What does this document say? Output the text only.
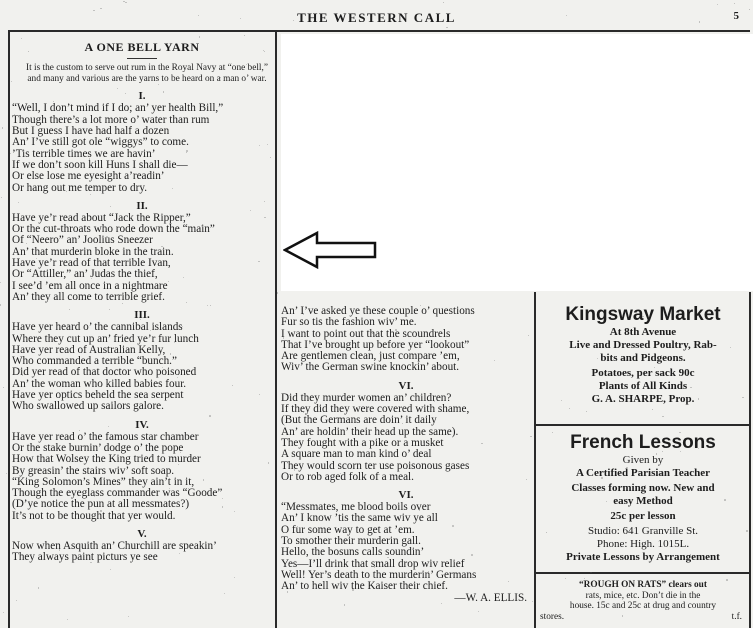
THE WESTERN CALL	5
A ONE BELL YARN
It is the custom to serve out rum in the Royal Navy at “one bell,” and many and various are the yarns to be heard on a man o’ war.
I.
“Well, I don’t mind if I do; an’ yer health Bill,”
Though there’s a lot more o’ water than rum
But I guess I have had half a dozen
An’ I’ve still got ole “wiggys” to come.
’Tis terrible times we are havin’
If we don’t soon kill Huns I shall die—
Or else lose me eyesight a’readin’
Or hang out me temper to dry.
II.
Have ye’r read about “Jack the Ripper,”
Or the cut-throats who rode down the “main”
Of “Neero” an’ Joolius Sneezer
An’ that murderin bloke in the train.
Have ye’r read of that terrible Ivan,
Or “Attiller,” an’ Judas the thief,
I see’d ’em all once in a nightmare
An’ they all come to terrible grief.
III.
Have yer heard o’ the cannibal islands
Where they cut up an’ fried ye’r fur lunch
Have yer read of Australian Kelly,
Who commanded a terrible “bunch.”
Did yer read of that doctor who poisoned
An’ the woman who killed babies four.
Have yer optics beheld the sea serpent
Who swallowed up sailors galore.
IV.
Have yer read o’ the famous star chamber
Or the stake burnin’ dodge o’ the pope
How that Wolsey the King tried to murder
By greasin’ the stairs wiv’ soft soap.
“King Solomon’s Mines” they ain’t in it,
Though the eyeglass commander was “Goode”
(D’ye notice the pun at all messmates?)
It’s not to be thought that yer would.
V.
Now when Asquith an’ Churchill are speakin’
They always paint picturs ye see
An’ I’ve asked ye these couple o’ questions
Fur so tis the fashion wiv’ me.
I want to point out that the scoundrels
That I’ve brought up before yer “lookout”
Are gentlemen clean, just compare ’em,
Wiv’ the German swine knockin’ about.
VI.
Did they murder women an’ children?
If they did they were covered with shame,
(But the Germans are doin’ it daily
An’ are holdin’ their head up the same).
They fought with a pike or a musket
A square man to man kind o’ deal
They would scorn ter use poisonous gases
Or to rob aged folk of a meal.
VI.
“Messmates, me blood boils over
An’ I know ’tis the same wiv ye all
O fur some way to get at ’em.
To smother their murderin gall.
Hello, the bosuns calls soundin’
Yes—I’ll drink that small drop wiv relief
Well! Yer’s death to the murderin’ Germans
An’ to hell wiv the Kaiser their chief.
—W. A. ELLIS.
Kingsway Market
At 8th Avenue
Live and Dressed Poultry, Rab-
bits and Pidgeons.
Potatoes, per sack 90c
Plants of All Kinds
G. A. SHARPE, Prop.
French Lessons
Given by
A Certified Parisian Teacher
Classes forming now. New and
easy Method
25c per lesson
Studio: 641 Granville St.
Phone: High. 1015L.
Private Lessons by Arrangement
“ROUGH ON RATS” clears out
rats, mice, etc. Don’t die in the
house. 15c and 25c at drug and country
stores.	t.f.
